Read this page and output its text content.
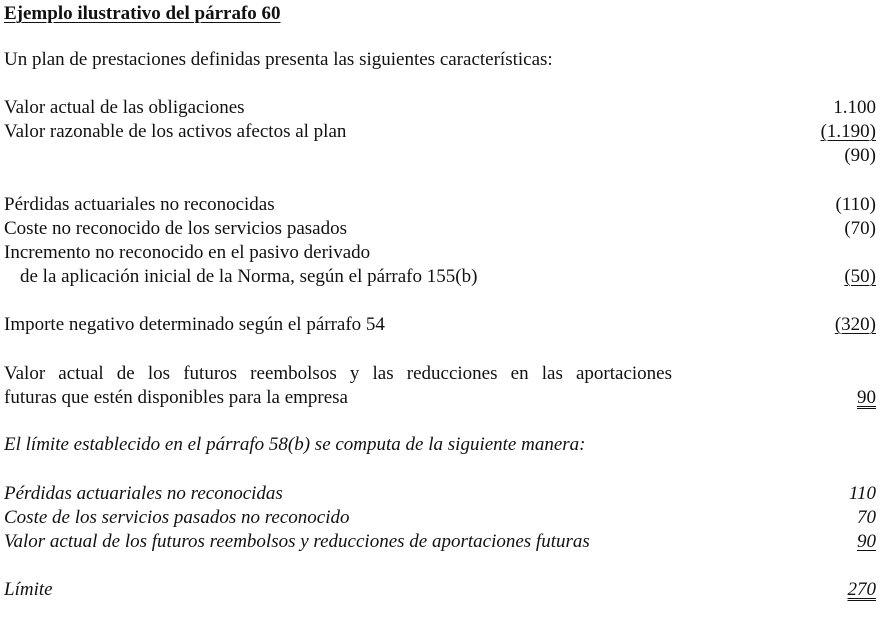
Ejemplo ilustrativo del párrafo 60
Un plan de prestaciones definidas presenta las siguientes características:
Valor actual de las obligaciones	1.100
Valor razonable de los activos afectos al plan	(1.190)
(90)
Pérdidas actuariales no reconocidas	(110)
Coste no reconocido de los servicios pasados	(70)
Incremento no reconocido en el pasivo derivado
de la aplicación inicial de la Norma, según el párrafo 155(b)	(50)
Importe negativo determinado según el párrafo 54	(320)
Valor actual de los futuros reembolsos y las reducciones en las aportaciones
futuras que estén disponibles para la empresa	90
El límite establecido en el párrafo 58(b) se computa de la siguiente manera:
Pérdidas actuariales no reconocidas	110
Coste de los servicios pasados no reconocido	70
Valor actual de los futuros reembolsos y reducciones de aportaciones futuras	90
Límite	270
